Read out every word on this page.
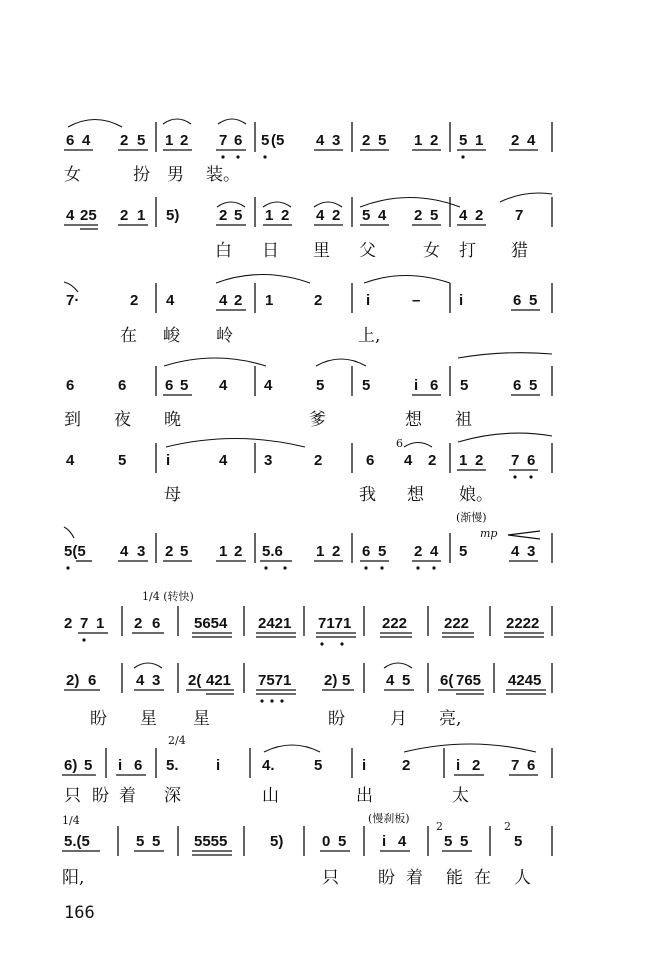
6 4 2 5 1 2 7 6 5 (5 4 3 2 5 1 2 5 1 2 4
女	扮 男 装。
4 25 2 1 5)	2 5 1 2 4 2 5 4 2 5 4 2 7
白 日 里 父	女 打 猎
7·	2 4	4 2 1	2	i	–	i	6 5
在 峻 岭	上,
6	6	6 5 4 4	5	5	i 6 5	6 5
到 夜 晚	爹	想 祖
4	5	i	4 3	2	6
6
4 2 1 2 7 6
母	我 想 娘。
(渐慢)
mp
5(5 4 3 2 5 1 2 5.6 1 2 6 5 2 4 5	4 3
1/4 (转快)
2 7 1 2 6 5654 2421 7171 222 222 2222
2) 6	4 3 2( 421 7571 2) 5 4 5 6( 765 4245
盼 星 星	盼	月 亮,
2/4
6) 5 i 6 5. i	4.	5	i 2	i 2 7 6
只 盼 着 深	山	出	太
1/4	(慢刹板)
5.(5	5 5 5555	5)	0 5 i 4
2
5 5
2
5
阳,	只 盼 着 能 在 人
166
